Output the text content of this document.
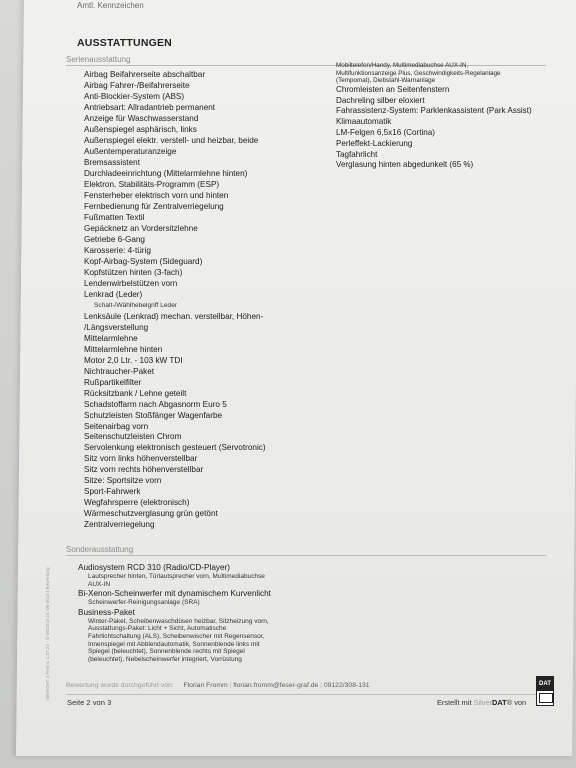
Amtl. Kennzeichen
AUSSTATTUNGEN
Serienausstattung
Airbag Beifahrerseite abschaltbar
Airbag Fahrer-/Beifahrerseite
Anti-Blockier-System (ABS)
Antriebsart: Allradantrieb permanent
Anzeige für Waschwasserstand
Außenspiegel asphärisch, links
Außenspiegel elektr. verstell- und heizbar, beide
Außentemperaturanzeige
Bremsassistent
Durchladeeinrichtung (Mittelarmlehne hinten)
Elektron. Stabilitäts-Programm (ESP)
Fensterheber elektrisch vorn und hinten
Fernbedienung für Zentralverriegelung
Fußmatten Textil
Gepäcknetz an Vordersitzlehne
Getriebe 6-Gang
Karosserie: 4-türig
Kopf-Airbag-System (Sideguard)
Kopfstützen hinten (3-fach)
Lendenwirbelstützen vorn
Lenkrad (Leder)
Schalt-/Wählhebelgriff Leder
Lenksäule (Lenkrad) mechan. verstellbar, Höhen-
/Längsverstellung
Mittelarmlehne
Mittelarmlehne hinten
Motor 2,0 Ltr. - 103 kW TDI
Nichtraucher-Paket
Rußpartikelfilter
Rücksitzbank / Lehne geteilt
Schadstoffarm nach Abgasnorm Euro 5
Schutzleisten Stoßfänger Wagenfarbe
Seitenairbag vorn
Seitenschutzleisten Chrom
Servolenkung elektronisch gesteuert (Servotronic)
Sitz vorn links höhenverstellbar
Sitz vorn rechts höhenverstellbar
Sitze: Sportsitze vorn
Sport-Fahrwerk
Wegfahrsperre (elektronisch)
Wärmeschutzverglasung grün getönt
Zentralverriegelung
Mobiltelefon/Handy, Multimediabuchse AUX-IN,
Multifunktionsanzeige Plus, Geschwindigkeits-Regelanlage
(Tempomat), Diebstahl-Warnanlage
Chromleisten an Seitenfenstern
Dachreling silber eloxiert
Fahrassistenz-System: Parklenkassistent (Park Assist)
Klimaautomatik
LM-Felgen 6,5x16 (Cortina)
Perleffekt-Lackierung
Tagfahrlicht
Verglasung hinten abgedunkelt (65 %)
Sonderausstattung
Audiosystem RCD 310 (Radio/CD-Player)
Lautsprecher hinten, Türlautsprecher vorn, Multimediabuchse
AUX-IN
Bi-Xenon-Scheinwerfer mit dynamischem Kurvenlicht
Scheinwerfer-Reinigungsanlage (SRA)
Business-Paket
Winter-Paket, Scheibenwaschdüsen heizbar, Sitzheizung vorn,
Ausstattungs-Paket: Licht + Sicht, Automatische
Fahrlichtschaltung (ALS), Scheibenwischer mit Regensensor,
Innenspiegel mit Abblendautomatik, Sonnenblende links mit
Spiegel (beleuchtet), Sonnenblende rechts mit Spiegel
(beleuchtet), Nebelscheinwerfer integriert, Vorrüstung
Bewertung wurde durchgeführt von: Florian Fromm | florian.fromm@feser-graf.de | 09122/308-131
Seite 2 von 3	Erstellt mit SilverDAT® von
DAT
SilverDAT 3 PHS v. 1.37.22 · © 06/2015 DL-06-2015 | Bewertung
